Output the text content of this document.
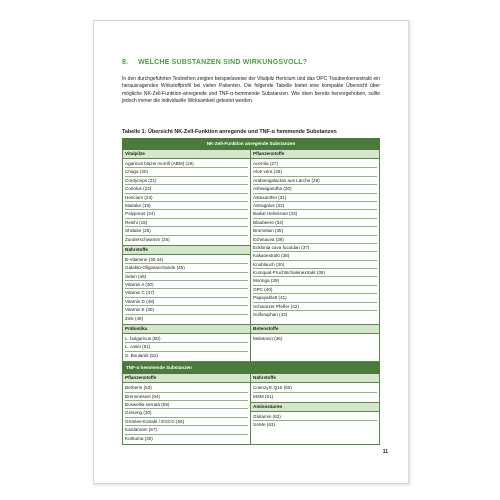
8. WELCHE SUBSTANZEN SIND WIRKUNGSVOLL?
In den durchgeführten Testreihen zeigten beispielsweise der Vitalpilz Hericium und das OPC Traubenkernextrakt ein herausragendes Wirkstoffprofil bei vielen Patienten. Die folgende Tabelle bietet eine kompakte Übersicht über mögliche NK-Zell-Funktion-anregende und TNF-α-hemmende Substanzen. Wie oben bereits hervorgehoben, sollte jedoch immer die individuelle Wirksamkeit getestet werden.
Tabelle 1: Übersicht NK-Zell-Funktion anregende und TNF-α hemmende Substanzen
NK-Zell-Funktion anregende Substanzen
Vitalpilze
Agaricus blazei murrill (ABM) (19)
Chaga (20)
Cordyceps (21)
Coriolus (22)
Hericium (23)
Maitake (19)
Polyporus (24)
Reishi (19)
Shiitake (25)
Zunderschwamm (26)
Nährstoffe
B-Vitamine (30,44)
Galakto-Oligosaccharide (45)
Selen (46)
Vitamin A (30)
Vitamin C (47)
Vitamin D (48)
Vitamin E (30)
Zink (49)
Pflanzenstoffe
Acerola (27)
Aloe vera (28)
Arabinogalactan aus Lärche (29)
Ashwagandha (30)
Astaxanthin (31)
Astragalus (32)
Baikal Helmkraut (33)
Blaubeere (34)
Bromelain (35)
Echinacea (36)
Ecklonia cava fucoidan (37)
Kakaoextrakt (38)
Knoblauch (30)
Kumquat-Fruchtschalenextrakt (39)
Moringa (39)
OPC (40)
Papayablatt (41)
Schwarzer Pfeffer (42)
Sulforaphan (43)
Präbiotika
L. bulgaricus (50)
L. casei (51)
S. Boulardii (52)
Botenstoffe
Melatonin (36)
TNF-α hemmende Substanzen
Pflanzenstoffe
Berberin (53)
Brennnessel (54)
Boswellia serrata (55)
Ginseng (30)
Grüntee-Extrakt / EGCG (56)
Kardamom (57)
Kurkuma (30)
Nährstoffe
Coenzym Q10 (60)
MSM (61)
Aminosäuren
Glutamin (62)
SAMe (63)
11
